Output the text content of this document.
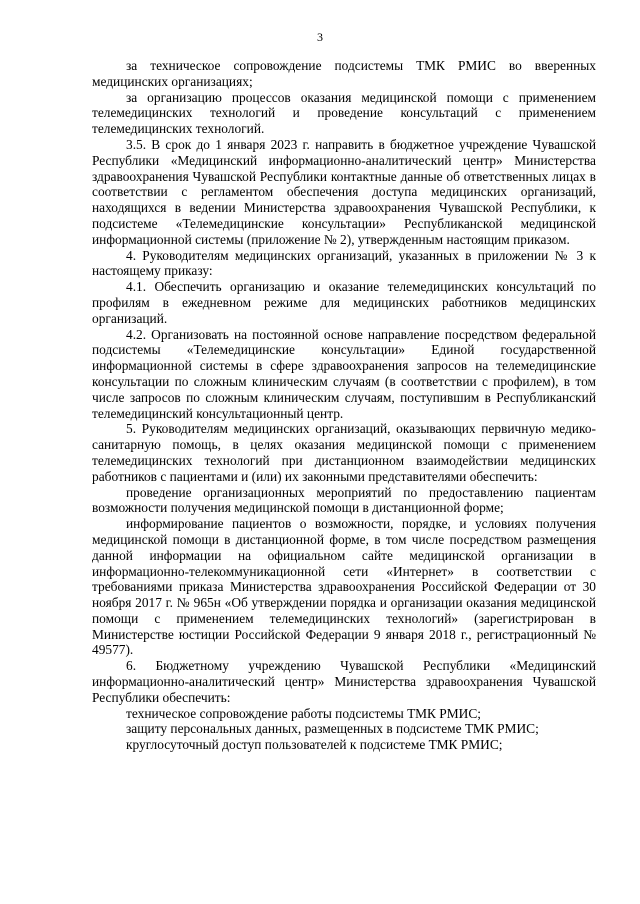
3

за техническое сопровождение подсистемы ТМК РМИС во вверенных медицинских организациях;

за организацию процессов оказания медицинской помощи с применением телемедицинских технологий и проведение консультаций с применением телемедицинских технологий.

3.5. В срок до 1 января 2023 г. направить в бюджетное учреждение Чувашской Республики «Медицинский информационно-аналитический центр» Министерства здравоохранения Чувашской Республики контактные данные об ответственных лицах в соответствии с регламентом обеспечения доступа медицинских организаций, находящихся в ведении Министерства здравоохранения Чувашской Республики, к подсистеме «Телемедицинские консультации» Республиканской медицинской информационной системы (приложение № 2), утвержденным настоящим приказом.

4. Руководителям медицинских организаций, указанных в приложении № 3 к настоящему приказу:

4.1. Обеспечить организацию и оказание телемедицинских консультаций по профилям в ежедневном режиме для медицинских работников медицинских организаций.

4.2. Организовать на постоянной основе направление посредством федеральной подсистемы «Телемедицинские консультации» Единой государственной информационной системы в сфере здравоохранения запросов на телемедицинские консультации по сложным клиническим случаям (в соответствии с профилем), в том числе запросов по сложным клиническим случаям, поступившим в Республиканский телемедицинский консультационный центр.

5. Руководителям медицинских организаций, оказывающих первичную медико-санитарную помощь, в целях оказания медицинской помощи с применением телемедицинских технологий при дистанционном взаимодействии медицинских работников с пациентами и (или) их законными представителями обеспечить:

проведение организационных мероприятий по предоставлению пациентам возможности получения медицинской помощи в дистанционной форме;

информирование пациентов о возможности, порядке, и условиях получения медицинской помощи в дистанционной форме, в том числе посредством размещения данной информации на официальном сайте медицинской организации в информационно-телекоммуникационной сети «Интернет» в соответствии с требованиями приказа Министерства здравоохранения Российской Федерации от 30 ноября 2017 г. № 965н «Об утверждении порядка и организации оказания медицинской помощи с применением телемедицинских технологий» (зарегистрирован в Министерстве юстиции Российской Федерации 9 января 2018 г., регистрационный № 49577).

6. Бюджетному учреждению Чувашской Республики «Медицинский информационно-аналитический центр» Министерства здравоохранения Чувашской Республики обеспечить:

техническое сопровождение работы подсистемы ТМК РМИС;

защиту персональных данных, размещенных в подсистеме ТМК РМИС;

круглосуточный доступ пользователей к подсистеме ТМК РМИС;
